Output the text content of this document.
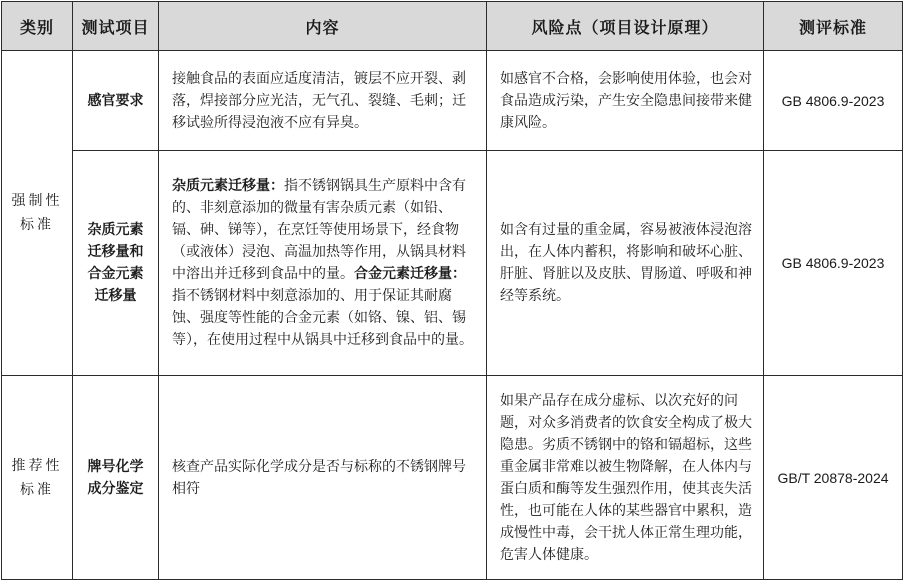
类别	测试项目	内容	风险点（项目设计原理）	测评标准
强制性标准	感官要求	接触食品的表面应适度清洁，镀层不应开裂、剥落，焊接部分应光洁，无气孔、裂缝、毛刺；迁移试验所得浸泡液不应有异臭。	如感官不合格，会影响使用体验，也会对食品造成污染，产生安全隐患间接带来健康风险。	GB 4806.9-2023
	杂质元素迁移量和合金元素迁移量	杂质元素迁移量：指不锈钢锅具生产原料中含有的、非刻意添加的微量有害杂质元素（如铅、镉、砷、锑等），在烹饪等使用场景下，经食物（或液体）浸泡、高温加热等作用，从锅具材料中溶出并迁移到食品中的量。合金元素迁移量：指不锈钢材料中刻意添加的、用于保证其耐腐蚀、强度等性能的合金元素（如铬、镍、铝、锡等），在使用过程中从锅具中迁移到食品中的量。	如含有过量的重金属，容易被液体浸泡溶出，在人体内蓄积，将影响和破坏心脏、肝脏、肾脏以及皮肤、胃肠道、呼吸和神经等系统。	GB 4806.9-2023
推荐性标准	牌号化学成分鉴定	核查产品实际化学成分是否与标称的不锈钢牌号相符	如果产品存在成分虚标、以次充好的问题，对众多消费者的饮食安全构成了极大隐患。劣质不锈钢中的铬和镉超标，这些重金属非常难以被生物降解，在人体内与蛋白质和酶等发生强烈作用，使其丧失活性，也可能在人体的某些器官中累积，造成慢性中毒，会干扰人体正常生理功能，危害人体健康。	GB/T 20878-2024
